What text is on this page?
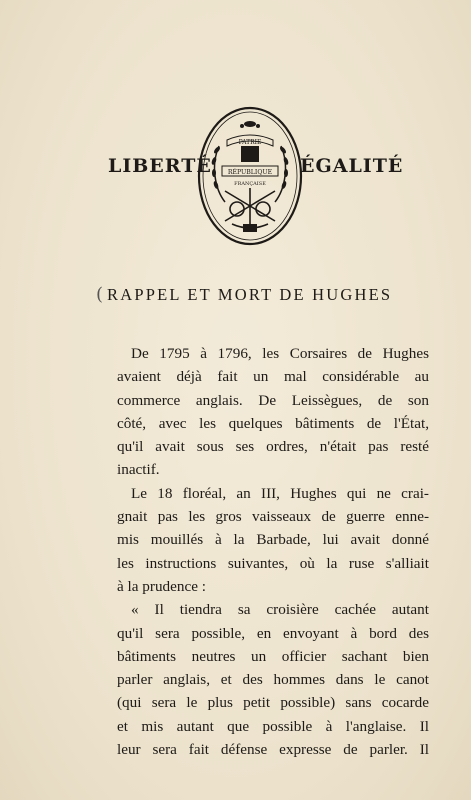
LIBERTÉ
PATRIE
RÉPUBLIQUE
FRANÇAISE
ÉGALITÉ
( RAPPEL ET MORT DE HUGHES
De 1795 à 1796, les Corsaires de Hughes
avaient déjà fait un mal considérable au
commerce anglais. De Leissègues, de son
côté, avec les quelques bâtiments de l'État,
qu'il avait sous ses ordres, n'était pas resté
inactif.
Le 18 floréal, an III, Hughes qui ne crai-
gnait pas les gros vaisseaux de guerre enne-
mis mouillés à la Barbade, lui avait donné
les instructions suivantes, où la ruse s'alliait
à la prudence :
« Il tiendra sa croisière cachée autant
qu'il sera possible, en envoyant à bord des
bâtiments neutres un officier sachant bien
parler anglais, et des hommes dans le canot
(qui sera le plus petit possible) sans cocarde
et mis autant que possible à l'anglaise. Il
leur sera fait défense expresse de parler. Il
